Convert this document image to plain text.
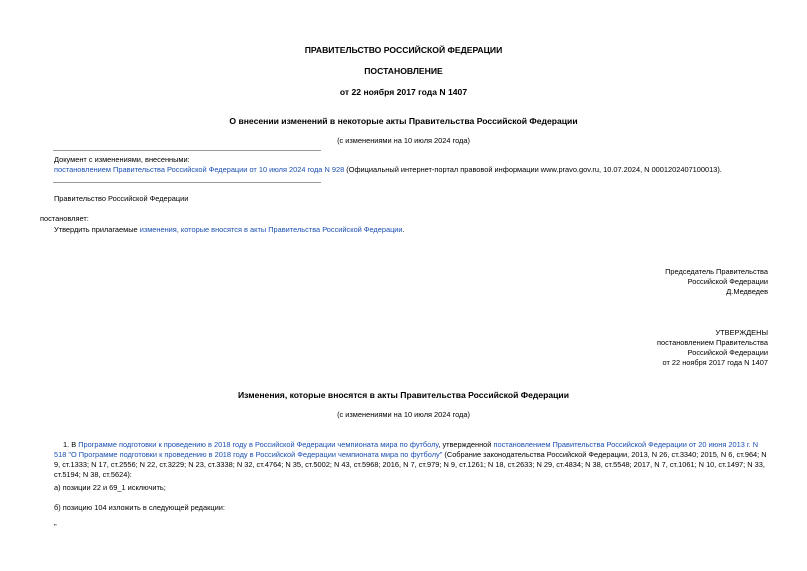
ПРАВИТЕЛЬСТВО РОССИЙСКОЙ ФЕДЕРАЦИИ
ПОСТАНОВЛЕНИЕ
от 22 ноября 2017 года N 1407
О внесении изменений в некоторые акты Правительства Российской Федерации
(с изменениями на 10 июля 2024 года)
Документ с изменениями, внесенными:
постановлением Правительства Российской Федерации от 10 июля 2024 года N 928 (Официальный интернет-портал правовой информации www.pravo.gov.ru, 10.07.2024, N 0001202407100013).
Правительство Российской Федерации
постановляет:
Утвердить прилагаемые изменения, которые вносятся в акты Правительства Российской Федерации.
Председатель Правительства
Российской Федерации
Д.Медведев
УТВЕРЖДЕНЫ
постановлением Правительства
Российской Федерации
от 22 ноября 2017 года N 1407
Изменения, которые вносятся в акты Правительства Российской Федерации
(с изменениями на 10 июля 2024 года)
1. В Программе подготовки к проведению в 2018 году в Российской Федерации чемпионата мира по футболу, утвержденной постановлением Правительства Российской Федерации от 20 июня 2013 г. N 518 "О Программе подготовки к проведению в 2018 году в Российской Федерации чемпионата мира по футболу" (Собрание законодательства Российской Федерации, 2013, N 26, ст.3340; 2015, N 6, ст.964; N 9, ст.1333; N 17, ст.2556; N 22, ст.3229; N 23, ст.3338; N 32, ст.4764; N 35, ст.5002; N 43, ст.5968; 2016, N 7, ст.979; N 9, ст.1261; N 18, ст.2633; N 29, ст.4834; N 38, ст.5548; 2017, N 7, ст.1061; N 10, ст.1497; N 33, ст.5194; N 38, ст.5624):
а) позиции 22 и 69_1 исключить;
б) позицию 104 изложить в следующей редакции:
"
